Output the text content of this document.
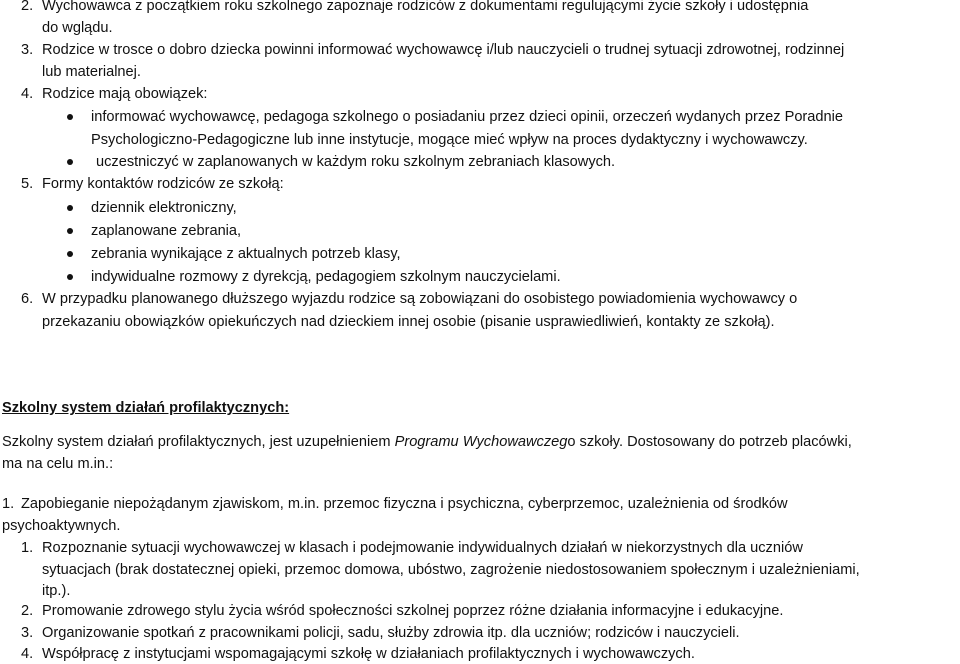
2. Wychowawca z początkiem roku szkolnego zapoznaje rodziców z dokumentami regulującymi życie szkoły i udostępnia
do wglądu.
3. Rodzice w trosce o dobro dziecka powinni informować wychowawcę i/lub nauczycieli o trudnej sytuacji zdrowotnej, rodzinnej
lub materialnej.
4. Rodzice mają obowiązek:
informować wychowawcę, pedagoga szkolnego o posiadaniu przez dzieci opinii, orzeczeń wydanych przez Poradnie
Psychologiczno-Pedagogiczne lub inne instytucje, mogące mieć wpływ na proces dydaktyczny i wychowawczy.
uczestniczyć w zaplanowanych w każdym roku szkolnym zebraniach klasowych.
5. Formy kontaktów rodziców ze szkołą:
dziennik elektroniczny,
zaplanowane zebrania,
zebrania wynikające z aktualnych potrzeb klasy,
indywidualne rozmowy z dyrekcją, pedagogiem szkolnym nauczycielami.
6. W przypadku planowanego dłuższego wyjazdu rodzice są zobowiązani do osobistego powiadomienia wychowawcy o
przekazaniu obowiązków opiekuńczych nad dzieckiem innej osobie (pisanie usprawiedliwień, kontakty ze szkołą).
Szkolny system działań profilaktycznych:
Szkolny system działań profilaktycznych, jest uzupełnieniem Programu Wychowawczego szkoły. Dostosowany do potrzeb placówki,
ma na celu m.in.:
1. Zapobieganie niepożądanym zjawiskom, m.in. przemoc fizyczna i psychiczna, cyberprzemoc, uzależnienia od środków
psychoaktywnych.
1. Rozpoznanie sytuacji wychowawczej w klasach i podejmowanie indywidualnych działań w niekorzystnych dla uczniów
sytuacjach (brak dostatecznej opieki, przemoc domowa, ubóstwo, zagrożenie niedostosowaniem społecznym i uzależnieniami,
itp.).
2. Promowanie zdrowego stylu życia wśród społeczności szkolnej poprzez różne działania informacyjne i edukacyjne.
3. Organizowanie spotkań z pracownikami policji, sadu, służby zdrowia itp. dla uczniów; rodziców i nauczycieli.
4. Współpracę z instytucjami wspomagającymi szkołę w działaniach profilaktycznych i wychowawczych.
